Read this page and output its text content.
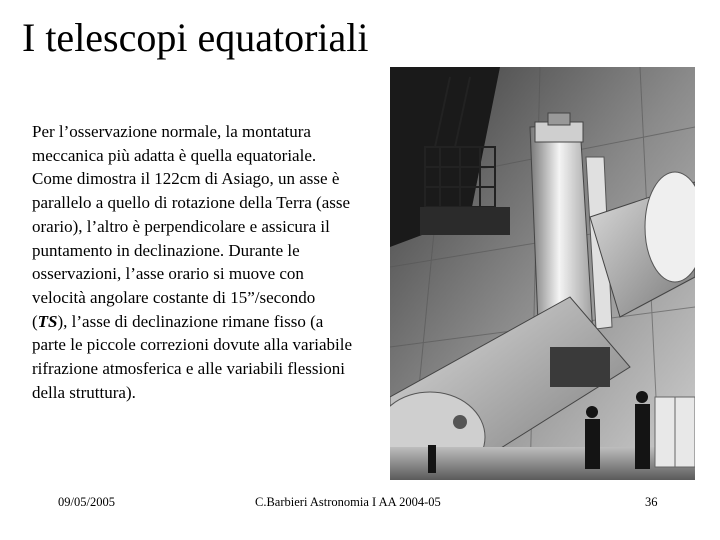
I telescopi equatoriali
Per l’osservazione normale, la montatura meccanica più adatta è quella equatoriale. Come dimostra il 122cm di Asiago, un asse è parallelo a quello di rotazione della Terra (asse orario), l’altro è perpendicolare e assicura il puntamento in declinazione. Durante le osservazioni, l’asse orario si muove con velocità angolare costante di 15”/secondo (TS), l’asse di declinazione rimane fisso (a parte le piccole correzioni dovute alla variabile rifrazione atmosferica e alle variabili flessioni della struttura).
09/05/2005	C.Barbieri Astronomia I AA 2004-05	36
